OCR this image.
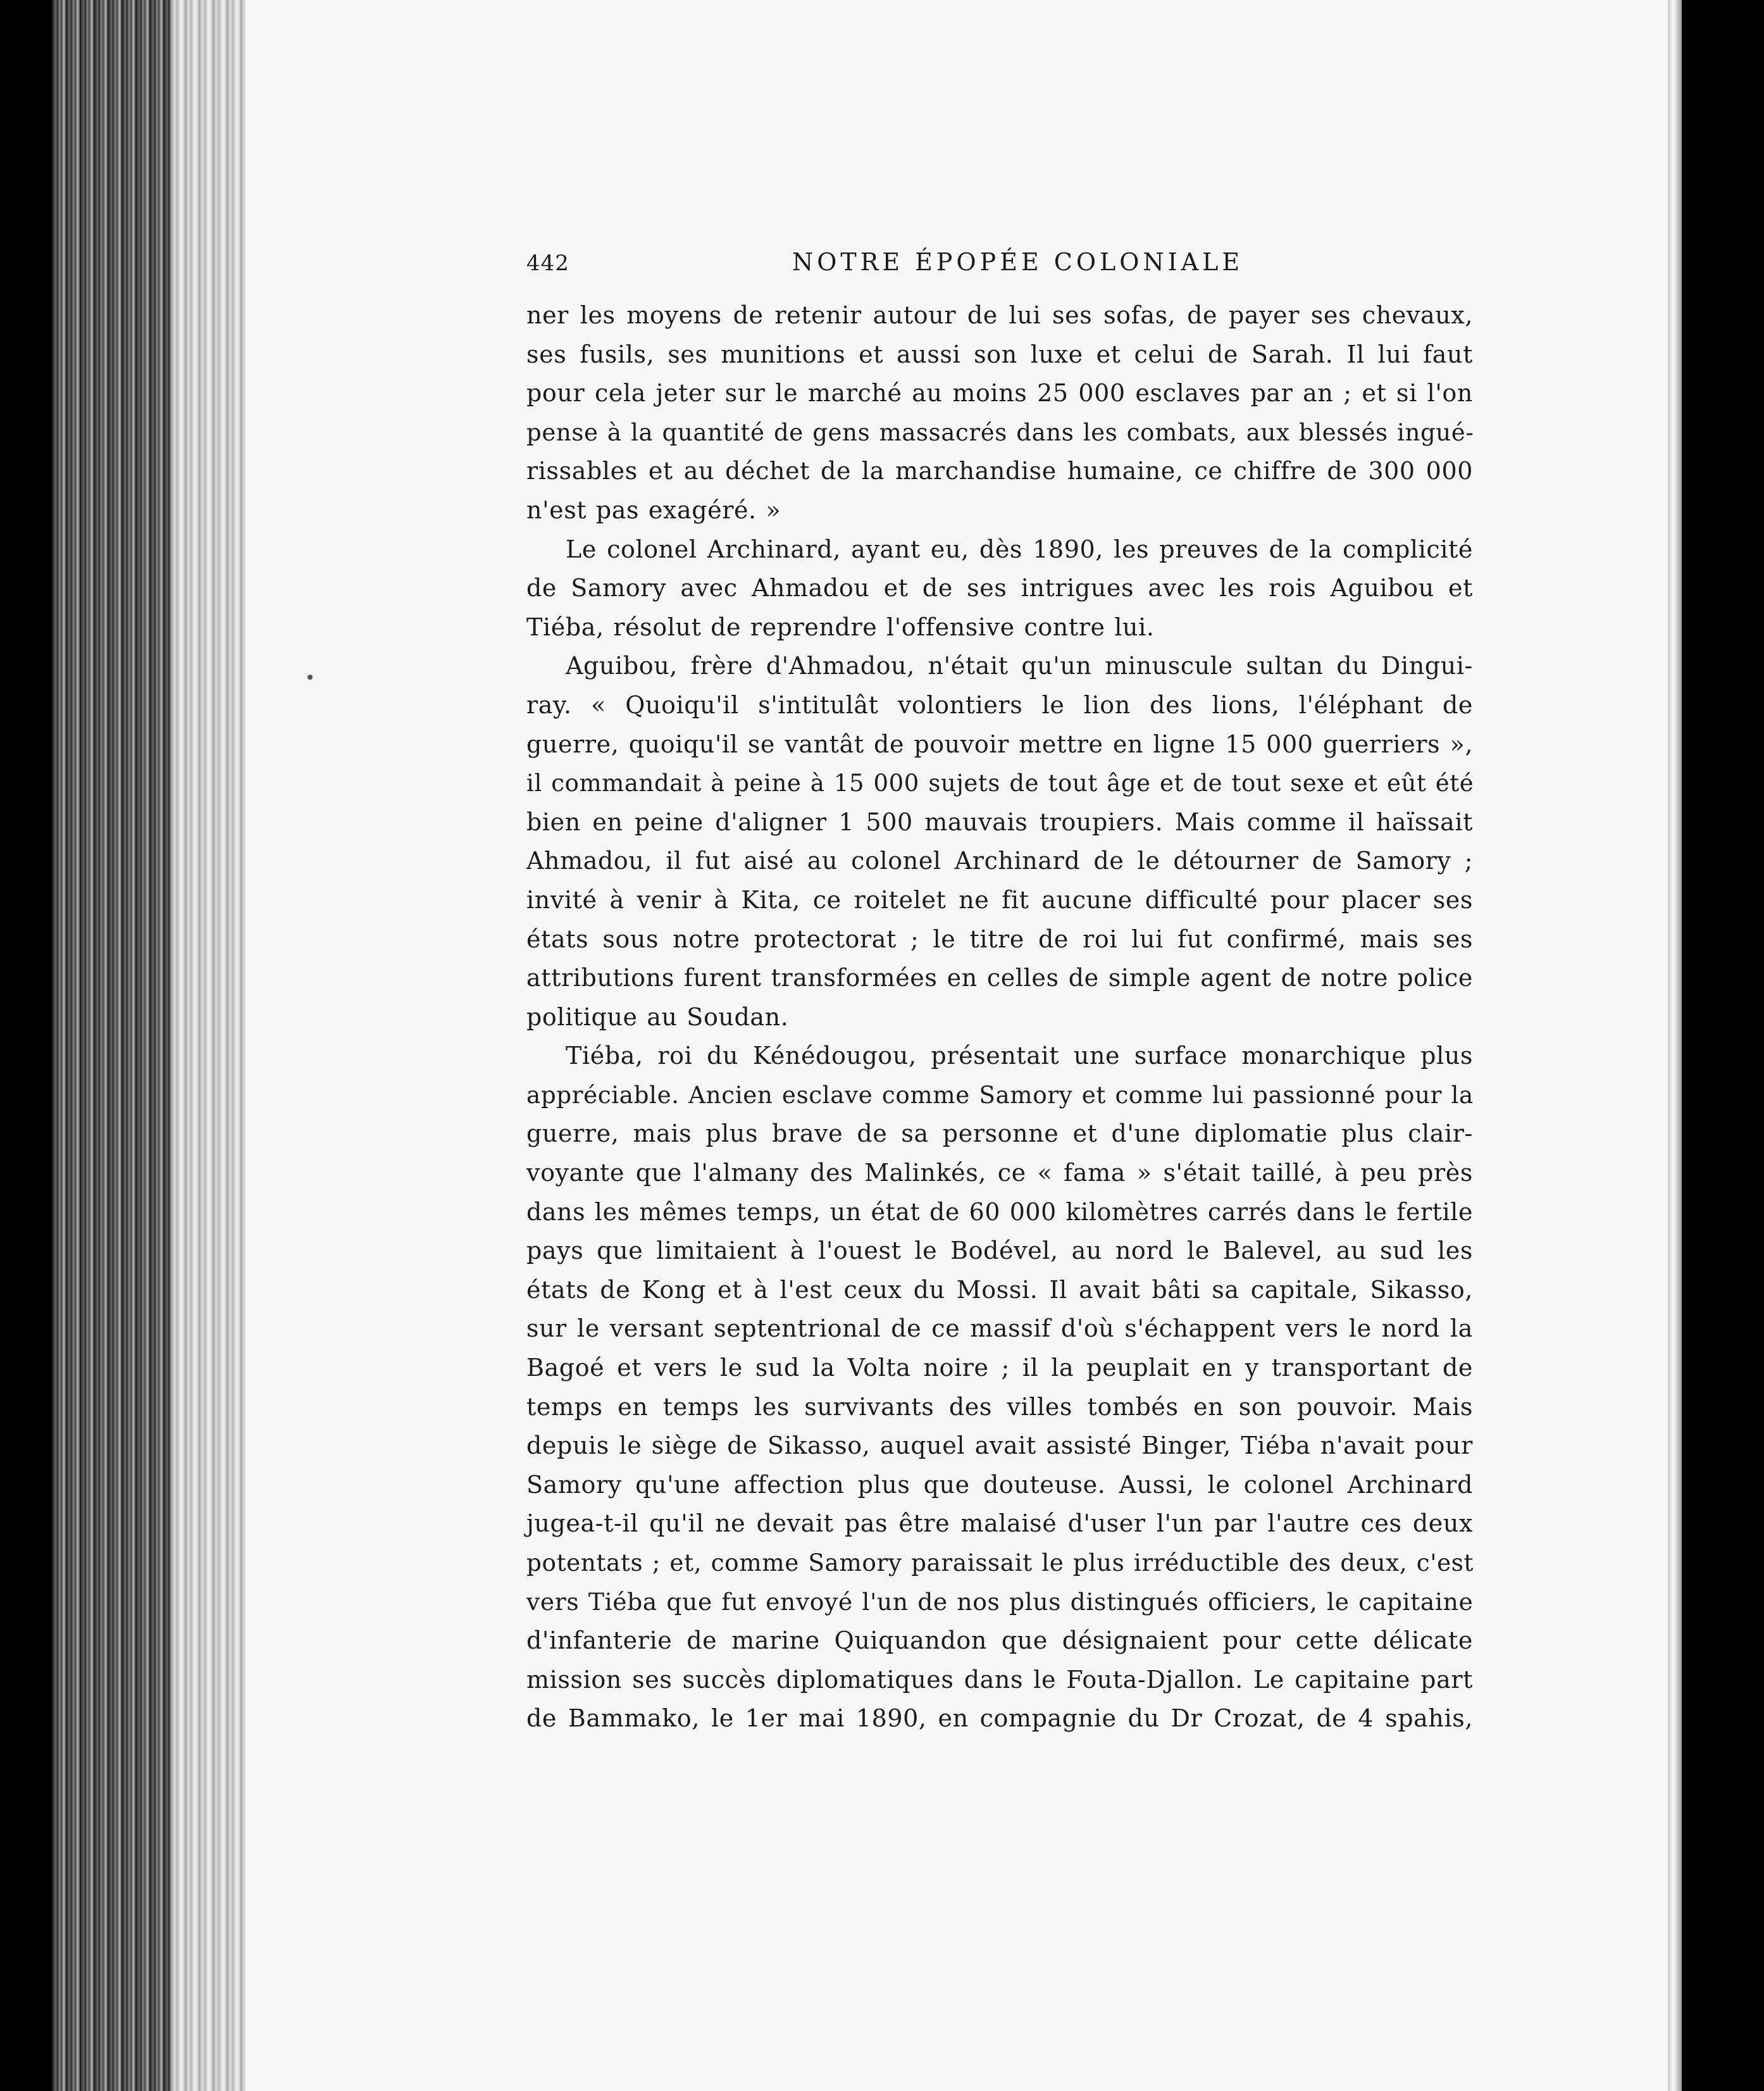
442	NOTRE ÉPOPÉE COLONIALE
ner les moyens de retenir autour de lui ses sofas, de payer ses chevaux,
ses fusils, ses munitions et aussi son luxe et celui de Sarah. Il lui faut
pour cela jeter sur le marché au moins 25 000 esclaves par an ; et si l'on
pense à la quantité de gens massacrés dans les combats, aux blessés ingué-
rissables et au déchet de la marchandise humaine, ce chiffre de 300 000
n'est pas exagéré. »
Le colonel Archinard, ayant eu, dès 1890, les preuves de la complicité
de Samory avec Ahmadou et de ses intrigues avec les rois Aguibou et
Tiéba, résolut de reprendre l'offensive contre lui.
Aguibou, frère d'Ahmadou, n'était qu'un minuscule sultan du Dingui-
ray. « Quoiqu'il s'intitulât volontiers le lion des lions, l'éléphant de
guerre, quoiqu'il se vantât de pouvoir mettre en ligne 15 000 guerriers »,
il commandait à peine à 15 000 sujets de tout âge et de tout sexe et eût été
bien en peine d'aligner 1 500 mauvais troupiers. Mais comme il haïssait
Ahmadou, il fut aisé au colonel Archinard de le détourner de Samory ;
invité à venir à Kita, ce roitelet ne fit aucune difficulté pour placer ses
états sous notre protectorat ; le titre de roi lui fut confirmé, mais ses
attributions furent transformées en celles de simple agent de notre police
politique au Soudan.
Tiéba, roi du Kénédougou, présentait une surface monarchique plus
appréciable. Ancien esclave comme Samory et comme lui passionné pour la
guerre, mais plus brave de sa personne et d'une diplomatie plus clair-
voyante que l'almany des Malinkés, ce « fama » s'était taillé, à peu près
dans les mêmes temps, un état de 60 000 kilomètres carrés dans le fertile
pays que limitaient à l'ouest le Bodével, au nord le Balevel, au sud les
états de Kong et à l'est ceux du Mossi. Il avait bâti sa capitale, Sikasso,
sur le versant septentrional de ce massif d'où s'échappent vers le nord la
Bagoé et vers le sud la Volta noire ; il la peuplait en y transportant de
temps en temps les survivants des villes tombés en son pouvoir. Mais
depuis le siège de Sikasso, auquel avait assisté Binger, Tiéba n'avait pour
Samory qu'une affection plus que douteuse. Aussi, le colonel Archinard
jugea-t-il qu'il ne devait pas être malaisé d'user l'un par l'autre ces deux
potentats ; et, comme Samory paraissait le plus irréductible des deux, c'est
vers Tiéba que fut envoyé l'un de nos plus distingués officiers, le capitaine
d'infanterie de marine Quiquandon que désignaient pour cette délicate
mission ses succès diplomatiques dans le Fouta-Djallon. Le capitaine part
de Bammako, le 1er mai 1890, en compagnie du Dr Crozat, de 4 spahis,
